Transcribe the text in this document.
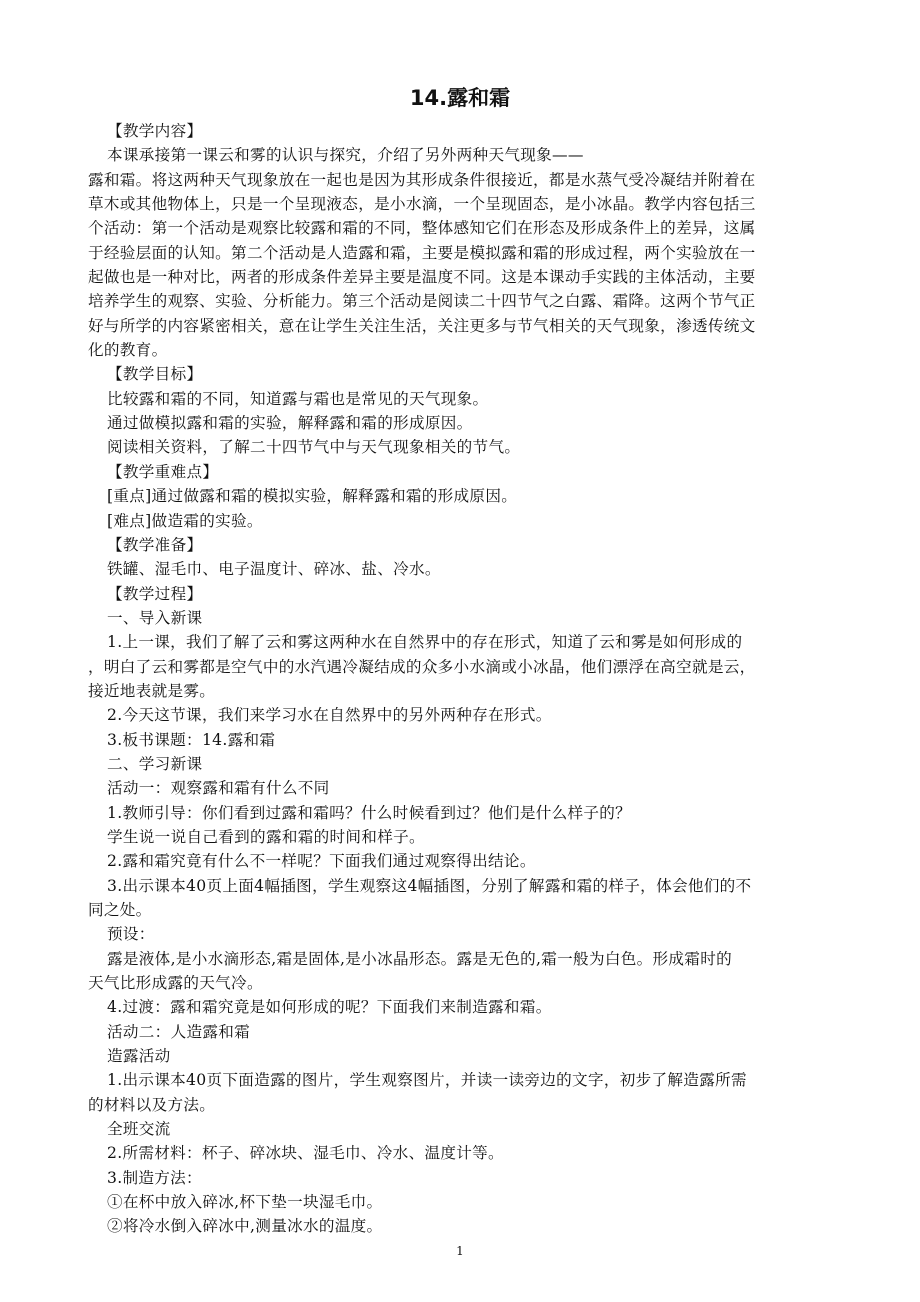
14.露和霜
【教学内容】
本课承接第一课云和雾的认识与探究，介绍了另外两种天气现象——
露和霜。将这两种天气现象放在一起也是因为其形成条件很接近，都是水蒸气受冷凝结并附着在
草木或其他物体上，只是一个呈现液态，是小水滴，一个呈现固态，是小冰晶。教学内容包括三
个活动：第一个活动是观察比较露和霜的不同，整体感知它们在形态及形成条件上的差异，这属
于经验层面的认知。第二个活动是人造露和霜，主要是模拟露和霜的形成过程，两个实验放在一
起做也是一种对比，两者的形成条件差异主要是温度不同。这是本课动手实践的主体活动，主要
培养学生的观察、实验、分析能力。第三个活动是阅读二十四节气之白露、霜降。这两个节气正
好与所学的内容紧密相关，意在让学生关注生活，关注更多与节气相关的天气现象，渗透传统文
化的教育。
【教学目标】
比较露和霜的不同，知道露与霜也是常见的天气现象。
通过做模拟露和霜的实验，解释露和霜的形成原因。
阅读相关资料，了解二十四节气中与天气现象相关的节气。
【教学重难点】
[重点]通过做露和霜的模拟实验，解释露和霜的形成原因。
[难点]做造霜的实验。
【教学准备】
铁罐、湿毛巾、电子温度计、碎冰、盐、冷水。
【教学过程】
一、导入新课
1.上一课，我们了解了云和雾这两种水在自然界中的存在形式，知道了云和雾是如何形成的
，明白了云和雾都是空气中的水汽遇冷凝结成的众多小水滴或小冰晶，他们漂浮在高空就是云，
接近地表就是雾。
2.今天这节课，我们来学习水在自然界中的另外两种存在形式。
3.板书课题：14.露和霜
二、学习新课
活动一：观察露和霜有什么不同
1.教师引导：你们看到过露和霜吗？什么时候看到过？他们是什么样子的？
学生说一说自己看到的露和霜的时间和样子。
2.露和霜究竟有什么不一样呢？下面我们通过观察得出结论。
3.出示课本40页上面4幅插图，学生观察这4幅插图，分别了解露和霜的样子，体会他们的不
同之处。
预设：
露是液体,是小水滴形态,霜是固体,是小冰晶形态。露是无色的,霜一般为白色。形成霜时的
天气比形成露的天气冷。
4.过渡：露和霜究竟是如何形成的呢？下面我们来制造露和霜。
活动二：人造露和霜
造露活动
1.出示课本40页下面造露的图片，学生观察图片，并读一读旁边的文字，初步了解造露所需
的材料以及方法。
全班交流
2.所需材料：杯子、碎冰块、湿毛巾、冷水、温度计等。
3.制造方法：
①在杯中放入碎冰,杯下垫一块湿毛巾。
②将冷水倒入碎冰中,测量冰水的温度。
1
